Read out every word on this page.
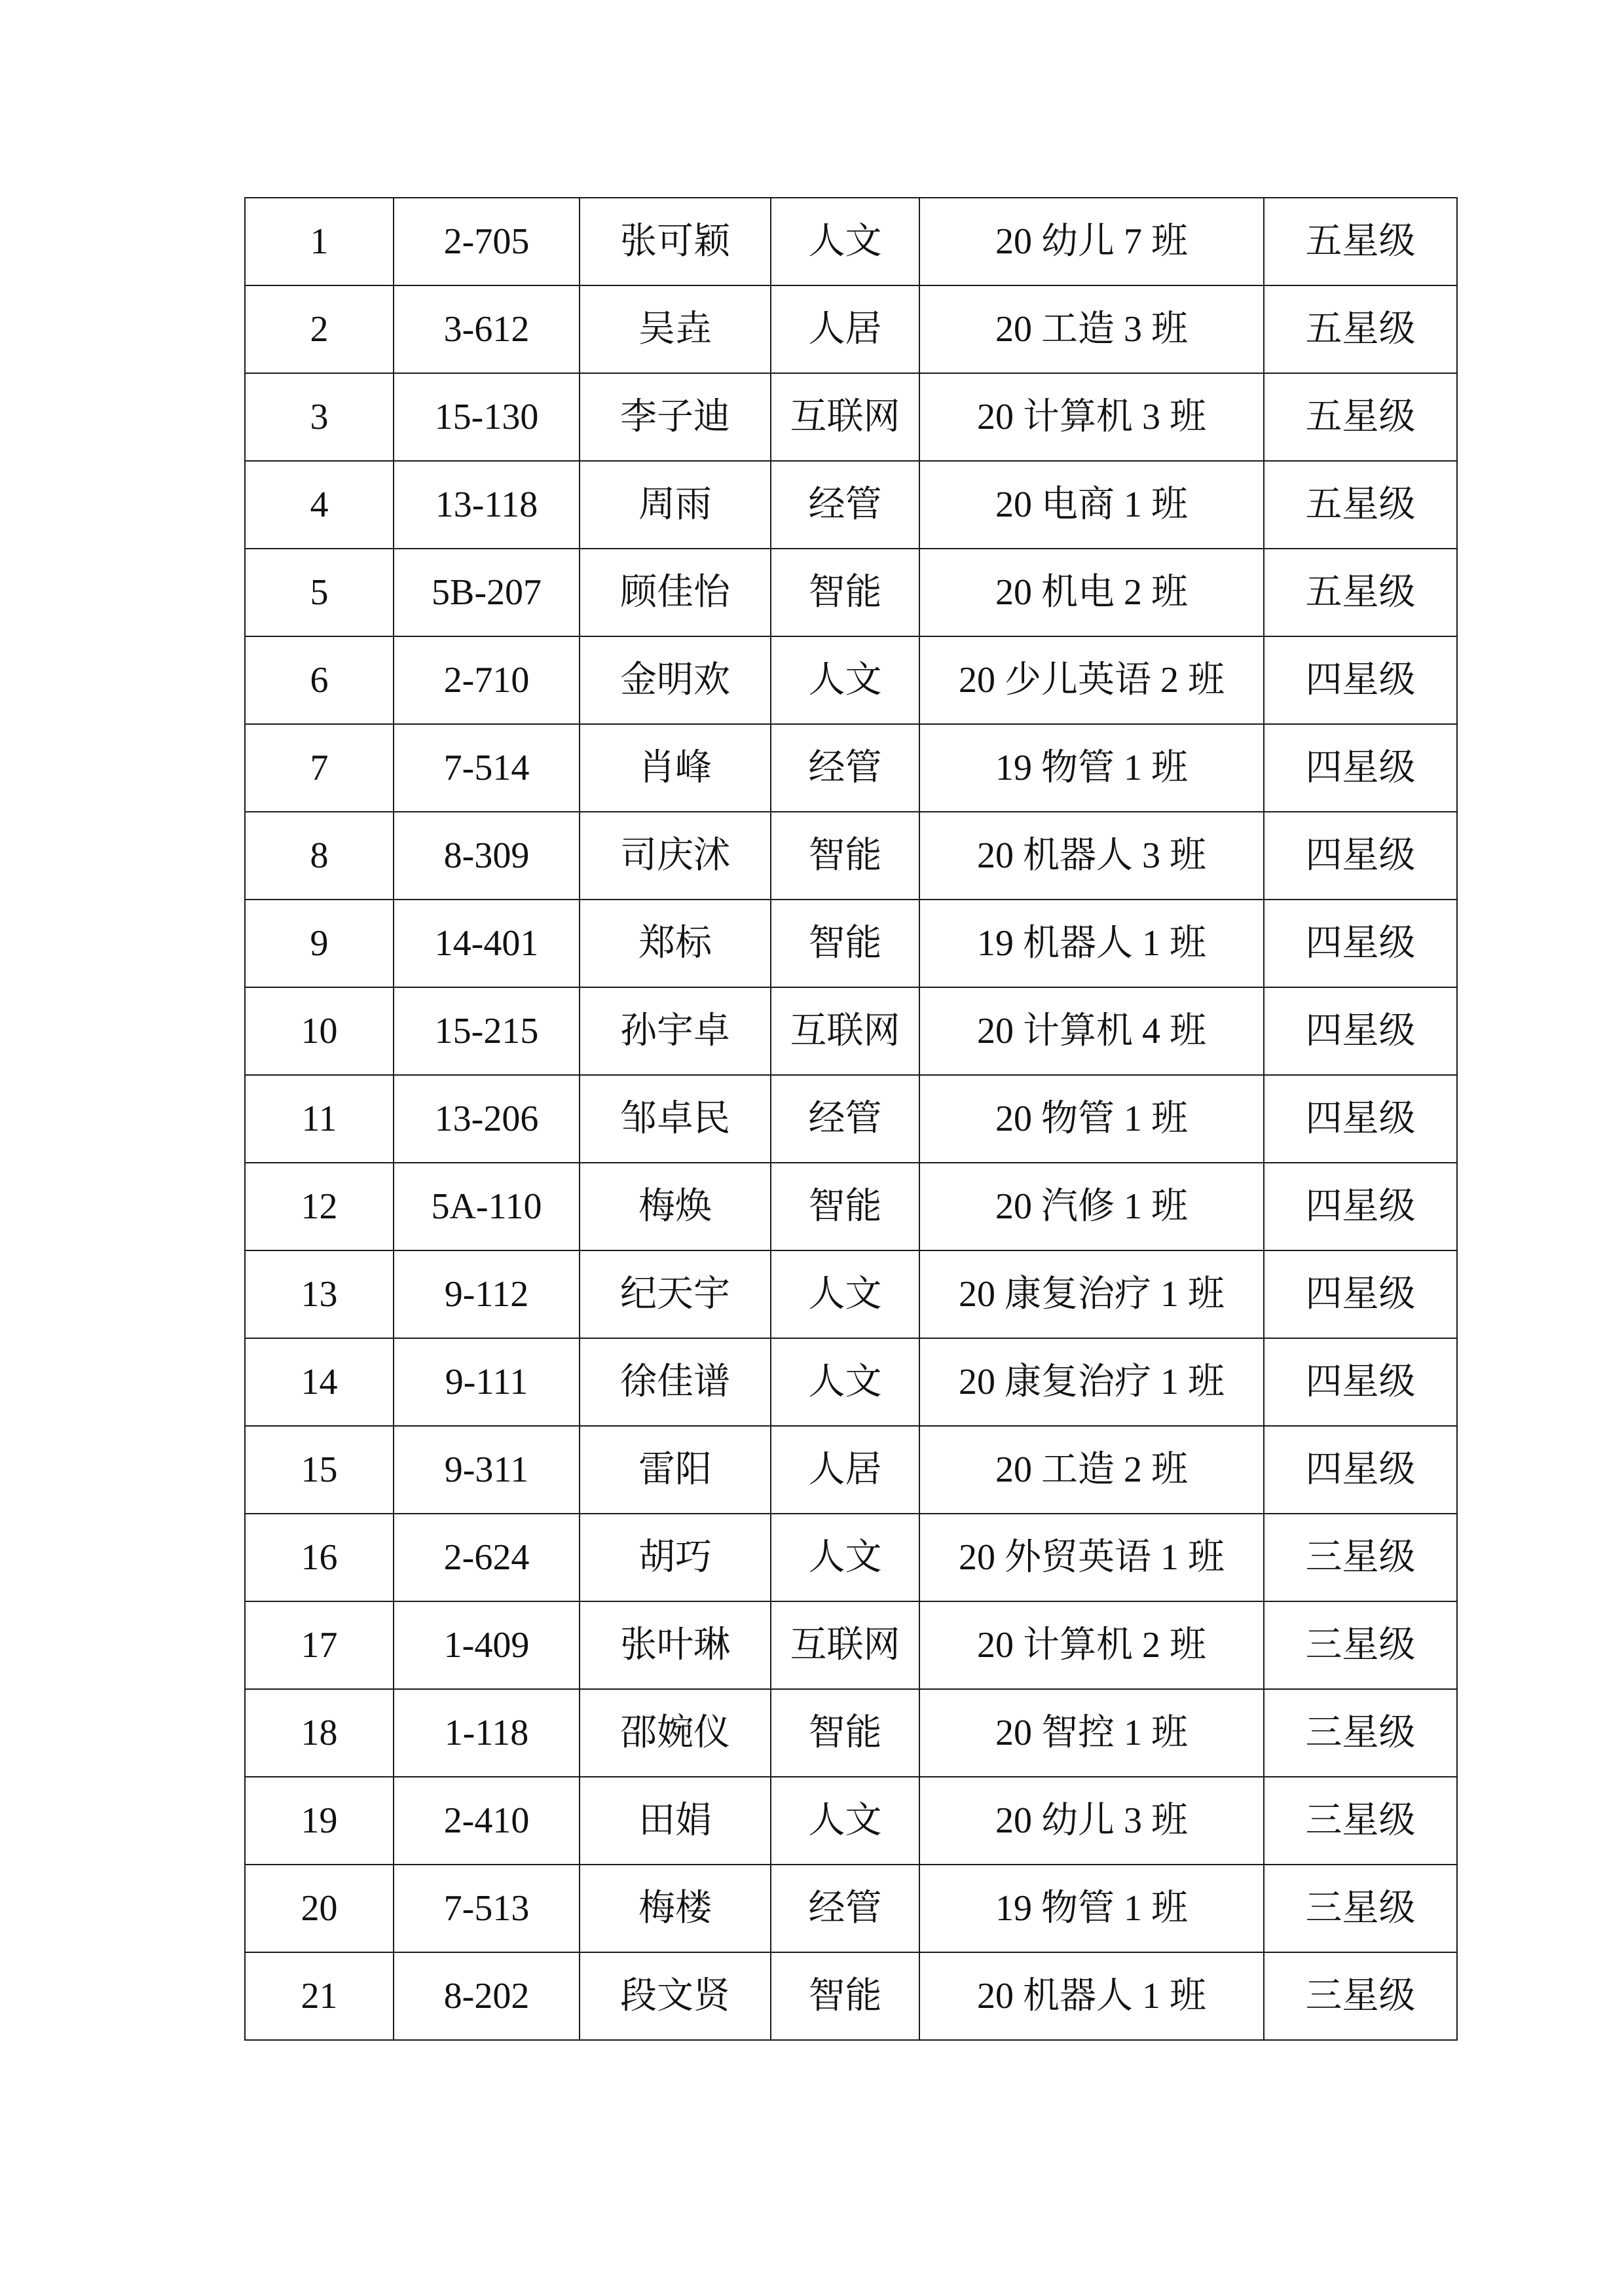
1	2-705	张可颖	人文	20 幼儿 7 班	五星级
2	3-612	吴垚	人居	20 工造 3 班	五星级
3	15-130	李子迪	互联网	20 计算机 3 班	五星级
4	13-118	周雨	经管	20 电商 1 班	五星级
5	5B-207	顾佳怡	智能	20 机电 2 班	五星级
6	2-710	金明欢	人文	20 少儿英语 2 班	四星级
7	7-514	肖峰	经管	19 物管 1 班	四星级
8	8-309	司庆沭	智能	20 机器人 3 班	四星级
9	14-401	郑标	智能	19 机器人 1 班	四星级
10	15-215	孙宇卓	互联网	20 计算机 4 班	四星级
11	13-206	邹卓民	经管	20 物管 1 班	四星级
12	5A-110	梅焕	智能	20 汽修 1 班	四星级
13	9-112	纪天宇	人文	20 康复治疗 1 班	四星级
14	9-111	徐佳谱	人文	20 康复治疗 1 班	四星级
15	9-311	雷阳	人居	20 工造 2 班	四星级
16	2-624	胡巧	人文	20 外贸英语 1 班	三星级
17	1-409	张叶琳	互联网	20 计算机 2 班	三星级
18	1-118	邵婉仪	智能	20 智控 1 班	三星级
19	2-410	田娟	人文	20 幼儿 3 班	三星级
20	7-513	梅楼	经管	19 物管 1 班	三星级
21	8-202	段文贤	智能	20 机器人 1 班	三星级
